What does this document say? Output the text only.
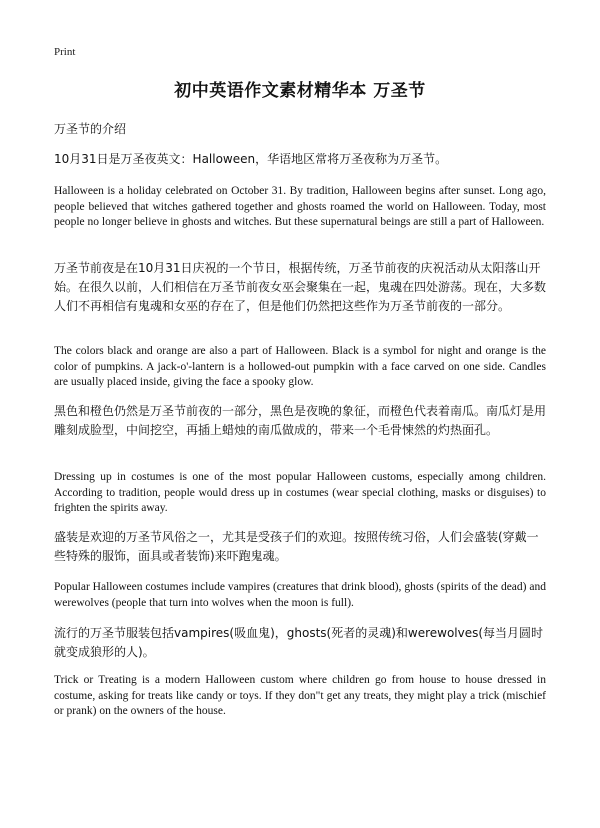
Print
初中英语作文素材精华本 万圣节
万圣节的介绍

10月31日是万圣夜英文：Halloween，华语地区常将万圣夜称为万圣节。

Halloween is a holiday celebrated on October 31. By tradition, Halloween begins after sunset. Long ago, people believed that witches gathered together and ghosts roamed the world on Halloween. Today, most people no longer believe in ghosts and witches. But these supernatural beings are still a part of Halloween.

万圣节前夜是在10月31日庆祝的一个节日，根据传统，万圣节前夜的庆祝活动从太阳落山开始。在很久以前，人们相信在万圣节前夜女巫会聚集在一起，鬼魂在四处游荡。现在，大多数人们不再相信有鬼魂和女巫的存在了，但是他们仍然把这些作为万圣节前夜的一部分。

The colors black and orange are also a part of Halloween. Black is a symbol for night and orange is the color of pumpkins. A jack-o'-lantern is a hollowed-out pumpkin with a face carved on one side. Candles are usually placed inside, giving the face a spooky glow.

黑色和橙色仍然是万圣节前夜的一部分，黑色是夜晚的象征，而橙色代表着南瓜。南瓜灯是用雕刻成脸型，中间挖空，再插上蜡烛的南瓜做成的，带来一个毛骨悚然的灼热面孔。

Dressing up in costumes is one of the most popular Halloween customs, especially among children. According to tradition, people would dress up in costumes (wear special clothing, masks or disguises) to frighten the spirits away.

盛装是欢迎的万圣节风俗之一，尤其是受孩子们的欢迎。按照传统习俗，人们会盛装(穿戴一些特殊的服饰，面具或者装饰)来吓跑鬼魂。

Popular Halloween costumes include vampires (creatures that drink blood), ghosts (spirits of the dead) and werewolves (people that turn into wolves when the moon is full).

流行的万圣节服装包括vampires(吸血鬼)，ghosts(死者的灵魂)和werewolves(每当月圆时就变成狼形的人)。

Trick or Treating is a modern Halloween custom where children go from house to house dressed in costume, asking for treats like candy or toys. If they don"t get any treats, they might play a trick (mischief or prank) on the owners of the house.
